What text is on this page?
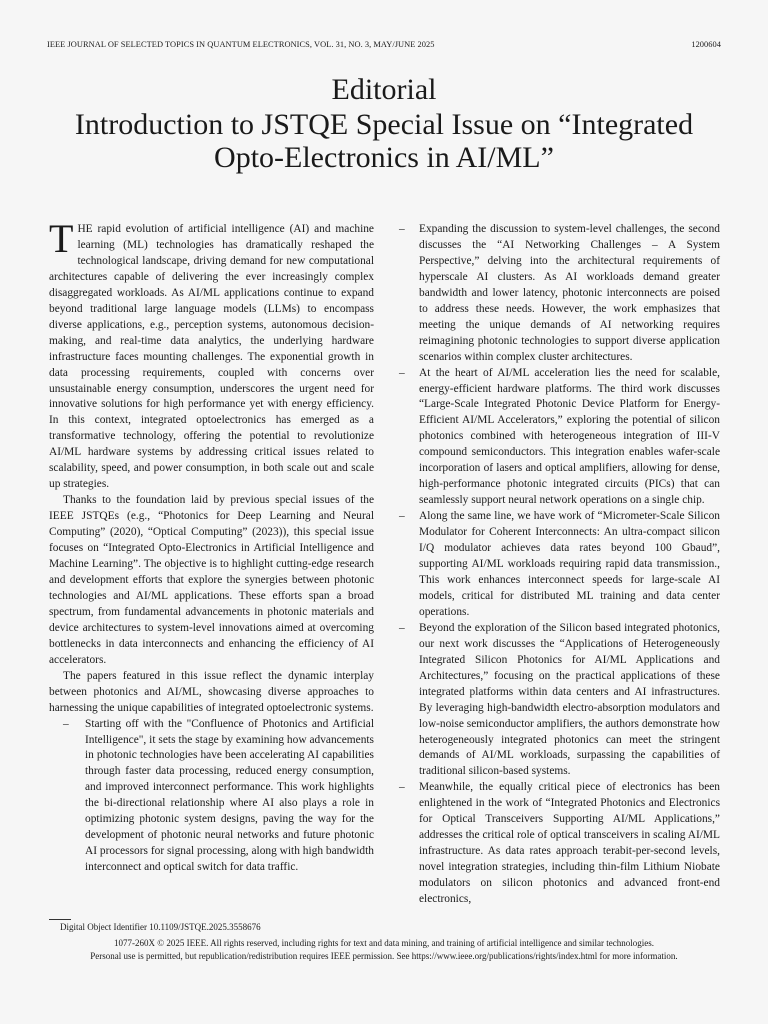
IEEE JOURNAL OF SELECTED TOPICS IN QUANTUM ELECTRONICS, VOL. 31, NO. 3, MAY/JUNE 2025	1200604
Editorial
Introduction to JSTQE Special Issue on “Integrated
Opto-Electronics in AI/ML”

THE rapid evolution of artificial intelligence (AI) and machine learning (ML) technologies has dramatically reshaped the technological landscape, driving demand for new computational architectures capable of delivering the ever increasingly complex disaggregated workloads. As AI/ML applications continue to expand beyond traditional large language models (LLMs) to encompass diverse applications, e.g., perception systems, autonomous decision-making, and real-time data analytics, the underlying hardware infrastructure faces mounting challenges. The exponential growth in data processing requirements, coupled with concerns over unsustainable energy consumption, underscores the urgent need for innovative solutions for high performance yet with energy efficiency. In this context, integrated optoelectronics has emerged as a transformative technology, offering the potential to revolutionize AI/ML hardware systems by addressing critical issues related to scalability, speed, and power consumption, in both scale out and scale up strategies.

Thanks to the foundation laid by previous special issues of the IEEE JSTQEs (e.g., “Photonics for Deep Learning and Neural Computing” (2020), “Optical Computing” (2023)), this special issue focuses on “Integrated Opto-Electronics in Artificial Intelligence and Machine Learning”. The objective is to highlight cutting-edge research and development efforts that explore the synergies between photonic technologies and AI/ML applications. These efforts span a broad spectrum, from fundamental advancements in photonic materials and device architectures to system-level innovations aimed at overcoming bottlenecks in data interconnects and enhancing the efficiency of AI accelerators.

The papers featured in this issue reflect the dynamic interplay between photonics and AI/ML, showcasing diverse approaches to harnessing the unique capabilities of integrated optoelectronic systems.

– Starting off with the "Confluence of Photonics and Artificial Intelligence", it sets the stage by examining how advancements in photonic technologies have been accelerating AI capabilities through faster data processing, reduced energy consumption, and improved interconnect performance. This work highlights the bi-directional relationship where AI also plays a role in optimizing photonic system designs, paving the way for the development of photonic neural networks and future photonic AI processors for signal processing, along with high bandwidth interconnect and optical switch for data traffic.
– Expanding the discussion to system-level challenges, the second discusses the “AI Networking Challenges – A System Perspective,” delving into the architectural requirements of hyperscale AI clusters. As AI workloads demand greater bandwidth and lower latency, photonic interconnects are poised to address these needs. However, the work emphasizes that meeting the unique demands of AI networking requires reimagining photonic technologies to support diverse application scenarios within complex cluster architectures.
– At the heart of AI/ML acceleration lies the need for scalable, energy-efficient hardware platforms. The third work discusses “Large-Scale Integrated Photonic Device Platform for Energy-Efficient AI/ML Accelerators,” exploring the potential of silicon photonics combined with heterogeneous integration of III-V compound semiconductors. This integration enables wafer-scale incorporation of lasers and optical amplifiers, allowing for dense, high-performance photonic integrated circuits (PICs) that can seamlessly support neural network operations on a single chip.
– Along the same line, we have work of “Micrometer-Scale Silicon Modulator for Coherent Interconnects: An ultra-compact silicon I/Q modulator achieves data rates beyond 100 Gbaud”, supporting AI/ML workloads requiring rapid data transmission., This work enhances interconnect speeds for large-scale AI models, critical for distributed ML training and data center operations.
– Beyond the exploration of the Silicon based integrated photonics, our next work discusses the “Applications of Heterogeneously Integrated Silicon Photonics for AI/ML Applications and Architectures,” focusing on the practical applications of these integrated platforms within data centers and AI infrastructures. By leveraging high-bandwidth electro-absorption modulators and low-noise semiconductor amplifiers, the authors demonstrate how heterogeneously integrated photonics can meet the stringent demands of AI/ML workloads, surpassing the capabilities of traditional silicon-based systems.
– Meanwhile, the equally critical piece of electronics has been enlightened in the work of “Integrated Photonics and Electronics for Optical Transceivers Supporting AI/ML Applications,” addresses the critical role of optical transceivers in scaling AI/ML infrastructure. As data rates approach terabit-per-second levels, novel integration strategies, including thin-film Lithium Niobate modulators on silicon photonics and advanced front-end electronics,
Digital Object Identifier 10.1109/JSTQE.2025.3558676
1077-260X © 2025 IEEE. All rights reserved, including rights for text and data mining, and training of artificial intelligence and similar technologies.
Personal use is permitted, but republication/redistribution requires IEEE permission. See https://www.ieee.org/publications/rights/index.html for more information.
